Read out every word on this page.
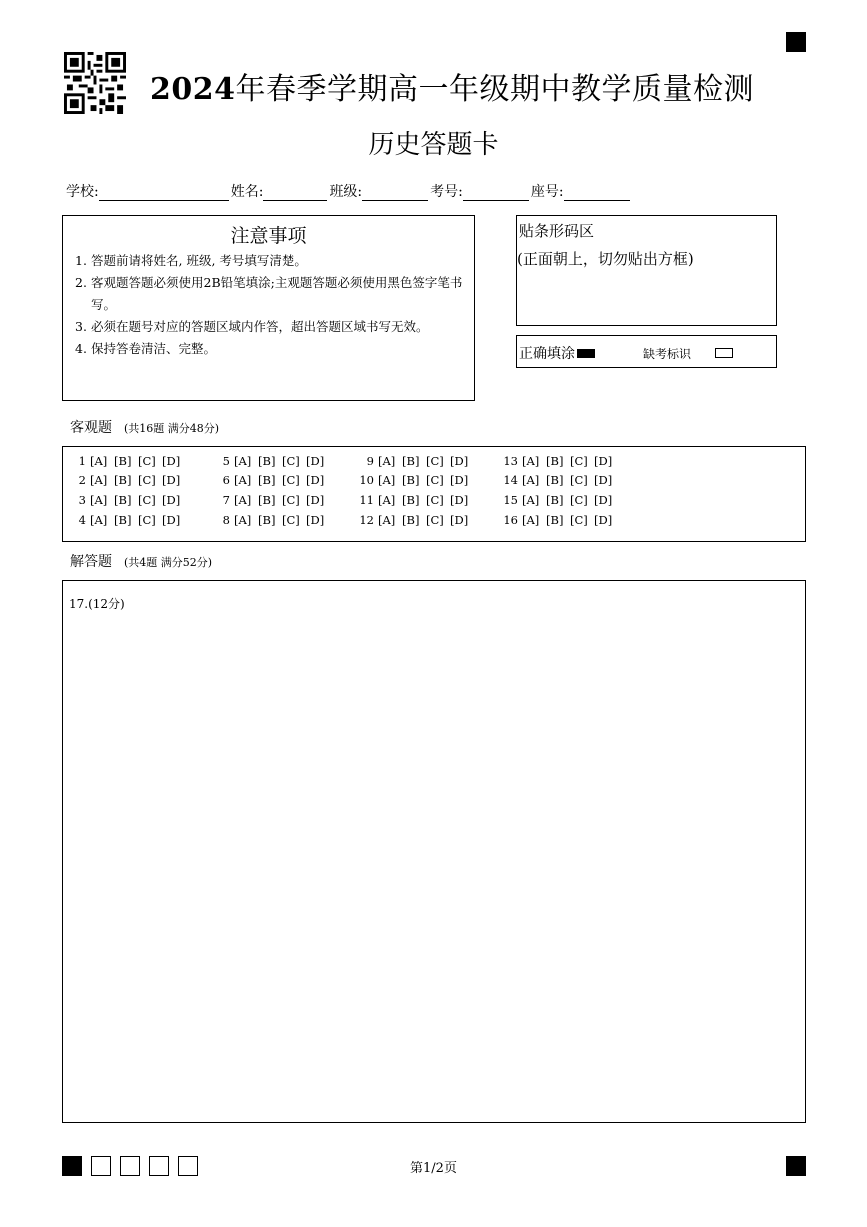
2024年春季学期高一年级期中教学质量检测
历史答题卡
学校:	姓名:	班级:	考号:	座号:
注意事项
1. 答题前请将姓名, 班级, 考号填写清楚。
2. 客观题答题必须使用2B铅笔填涂;主观题答题必须使用黑色签字笔书写。
3. 必须在题号对应的答题区域内作答，超出答题区域书写无效。
4. 保持答卷清洁、完整。
贴条形码区
(正面朝上，切勿贴出方框)
正确填涂	缺考标识
客观题 (共16题 满分48分)
1 [A] [B] [C] [D]
2 [A] [B] [C] [D]
3 [A] [B] [C] [D]
4 [A] [B] [C] [D]
5 [A] [B] [C] [D]
6 [A] [B] [C] [D]
7 [A] [B] [C] [D]
8 [A] [B] [C] [D]
9 [A] [B] [C] [D]
10 [A] [B] [C] [D]
11 [A] [B] [C] [D]
12 [A] [B] [C] [D]
13 [A] [B] [C] [D]
14 [A] [B] [C] [D]
15 [A] [B] [C] [D]
16 [A] [B] [C] [D]
解答题 (共4题 满分52分)
17.(12分)
第1/2页
